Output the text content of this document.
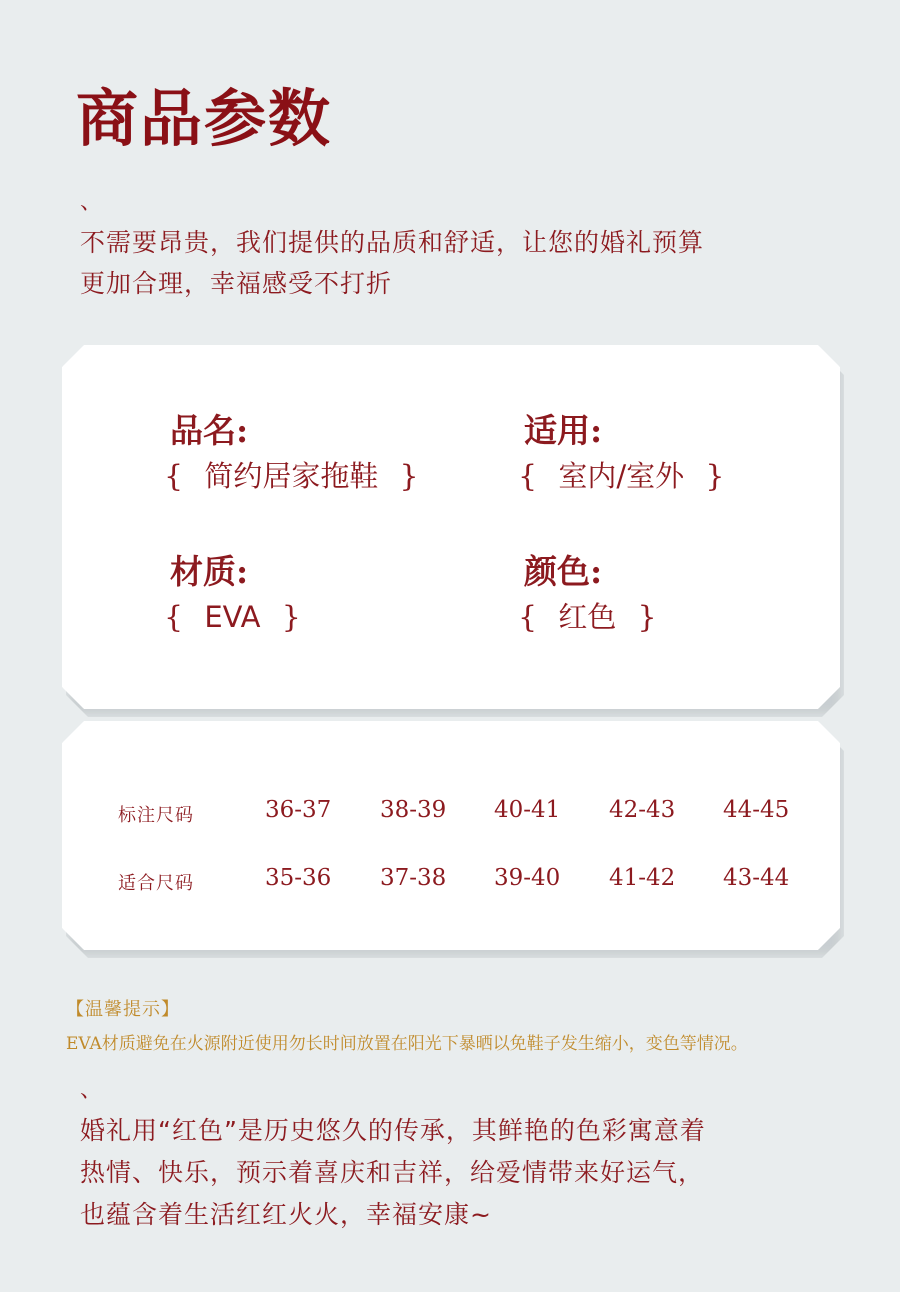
商品参数
、
不需要昂贵，我们提供的品质和舒适，让您的婚礼预算
更加合理，幸福感受不打折
品名:
{ 简约居家拖鞋 }
适用:
{ 室内/室外 }
材质:
{ EVA }
颜色:
{ 红色 }
标注尺码	36-37 38-39 40-41 42-43 44-45
适合尺码	35-36 37-38 39-40 41-42 43-44
【温馨提示】
EVA材质避免在火源附近使用勿长时间放置在阳光下暴晒以免鞋子发生缩小，变色等情况。
、
婚礼用“红色”是历史悠久的传承，其鲜艳的色彩寓意着
热情、快乐，预示着喜庆和吉祥，给爱情带来好运气，
也蕴含着生活红红火火，幸福安康~
